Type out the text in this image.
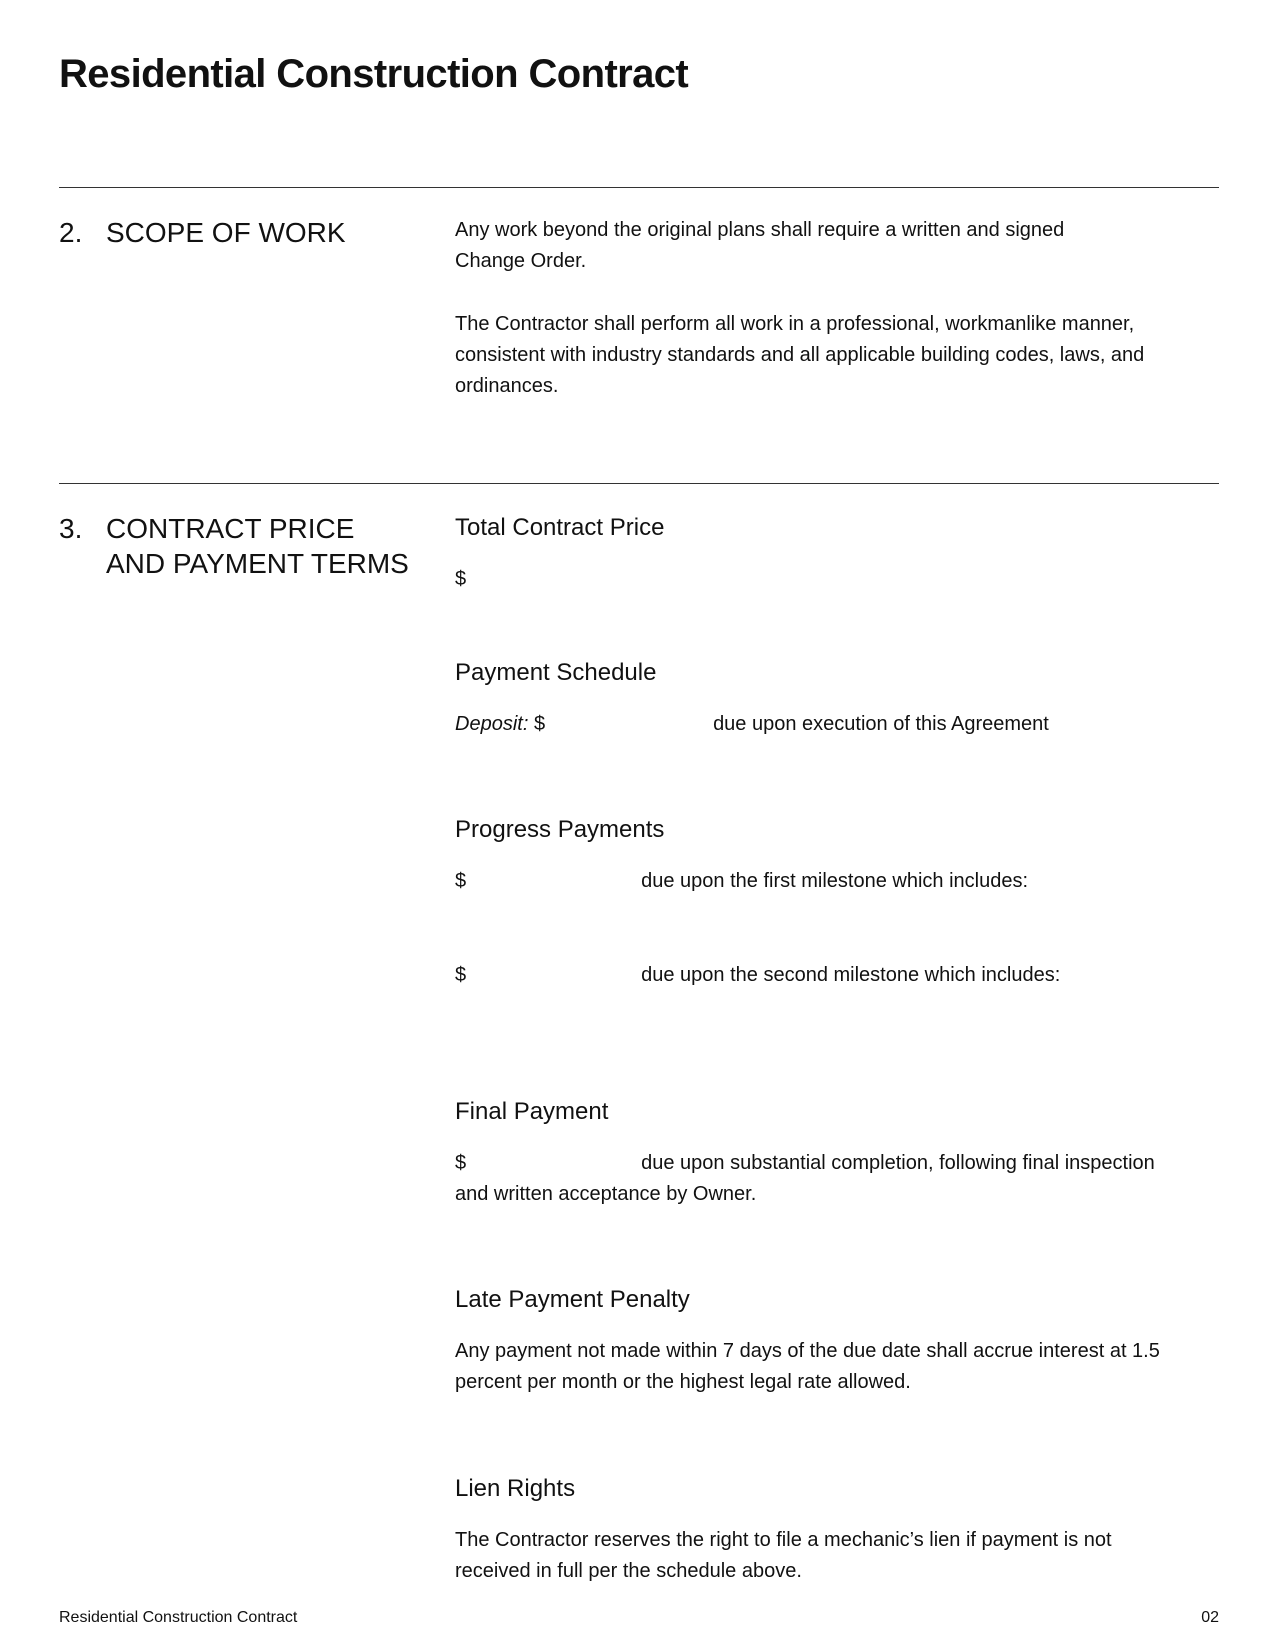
Residential Construction Contract
2. SCOPE OF WORK	Any work beyond the original plans shall require a written and signed Change Order.

The Contractor shall perform all work in a professional, workmanlike manner, consistent with industry standards and all applicable building codes, laws, and ordinances.

3. CONTRACT PRICE
AND PAYMENT TERMS
Total Contract Price
$
Payment Schedule
Deposit: $	due upon execution of this Agreement
Progress Payments
$	due upon the first milestone which includes:
$	due upon the second milestone which includes:
Final Payment
$	due upon substantial completion, following final inspection
and written acceptance by Owner.
Late Payment Penalty

Any payment not made within 7 days of the due date shall accrue interest at 1.5 percent per month or the highest legal rate allowed.

Lien Rights

The Contractor reserves the right to file a mechanic’s lien if payment is not received in full per the schedule above.

Residential Construction Contract	02
